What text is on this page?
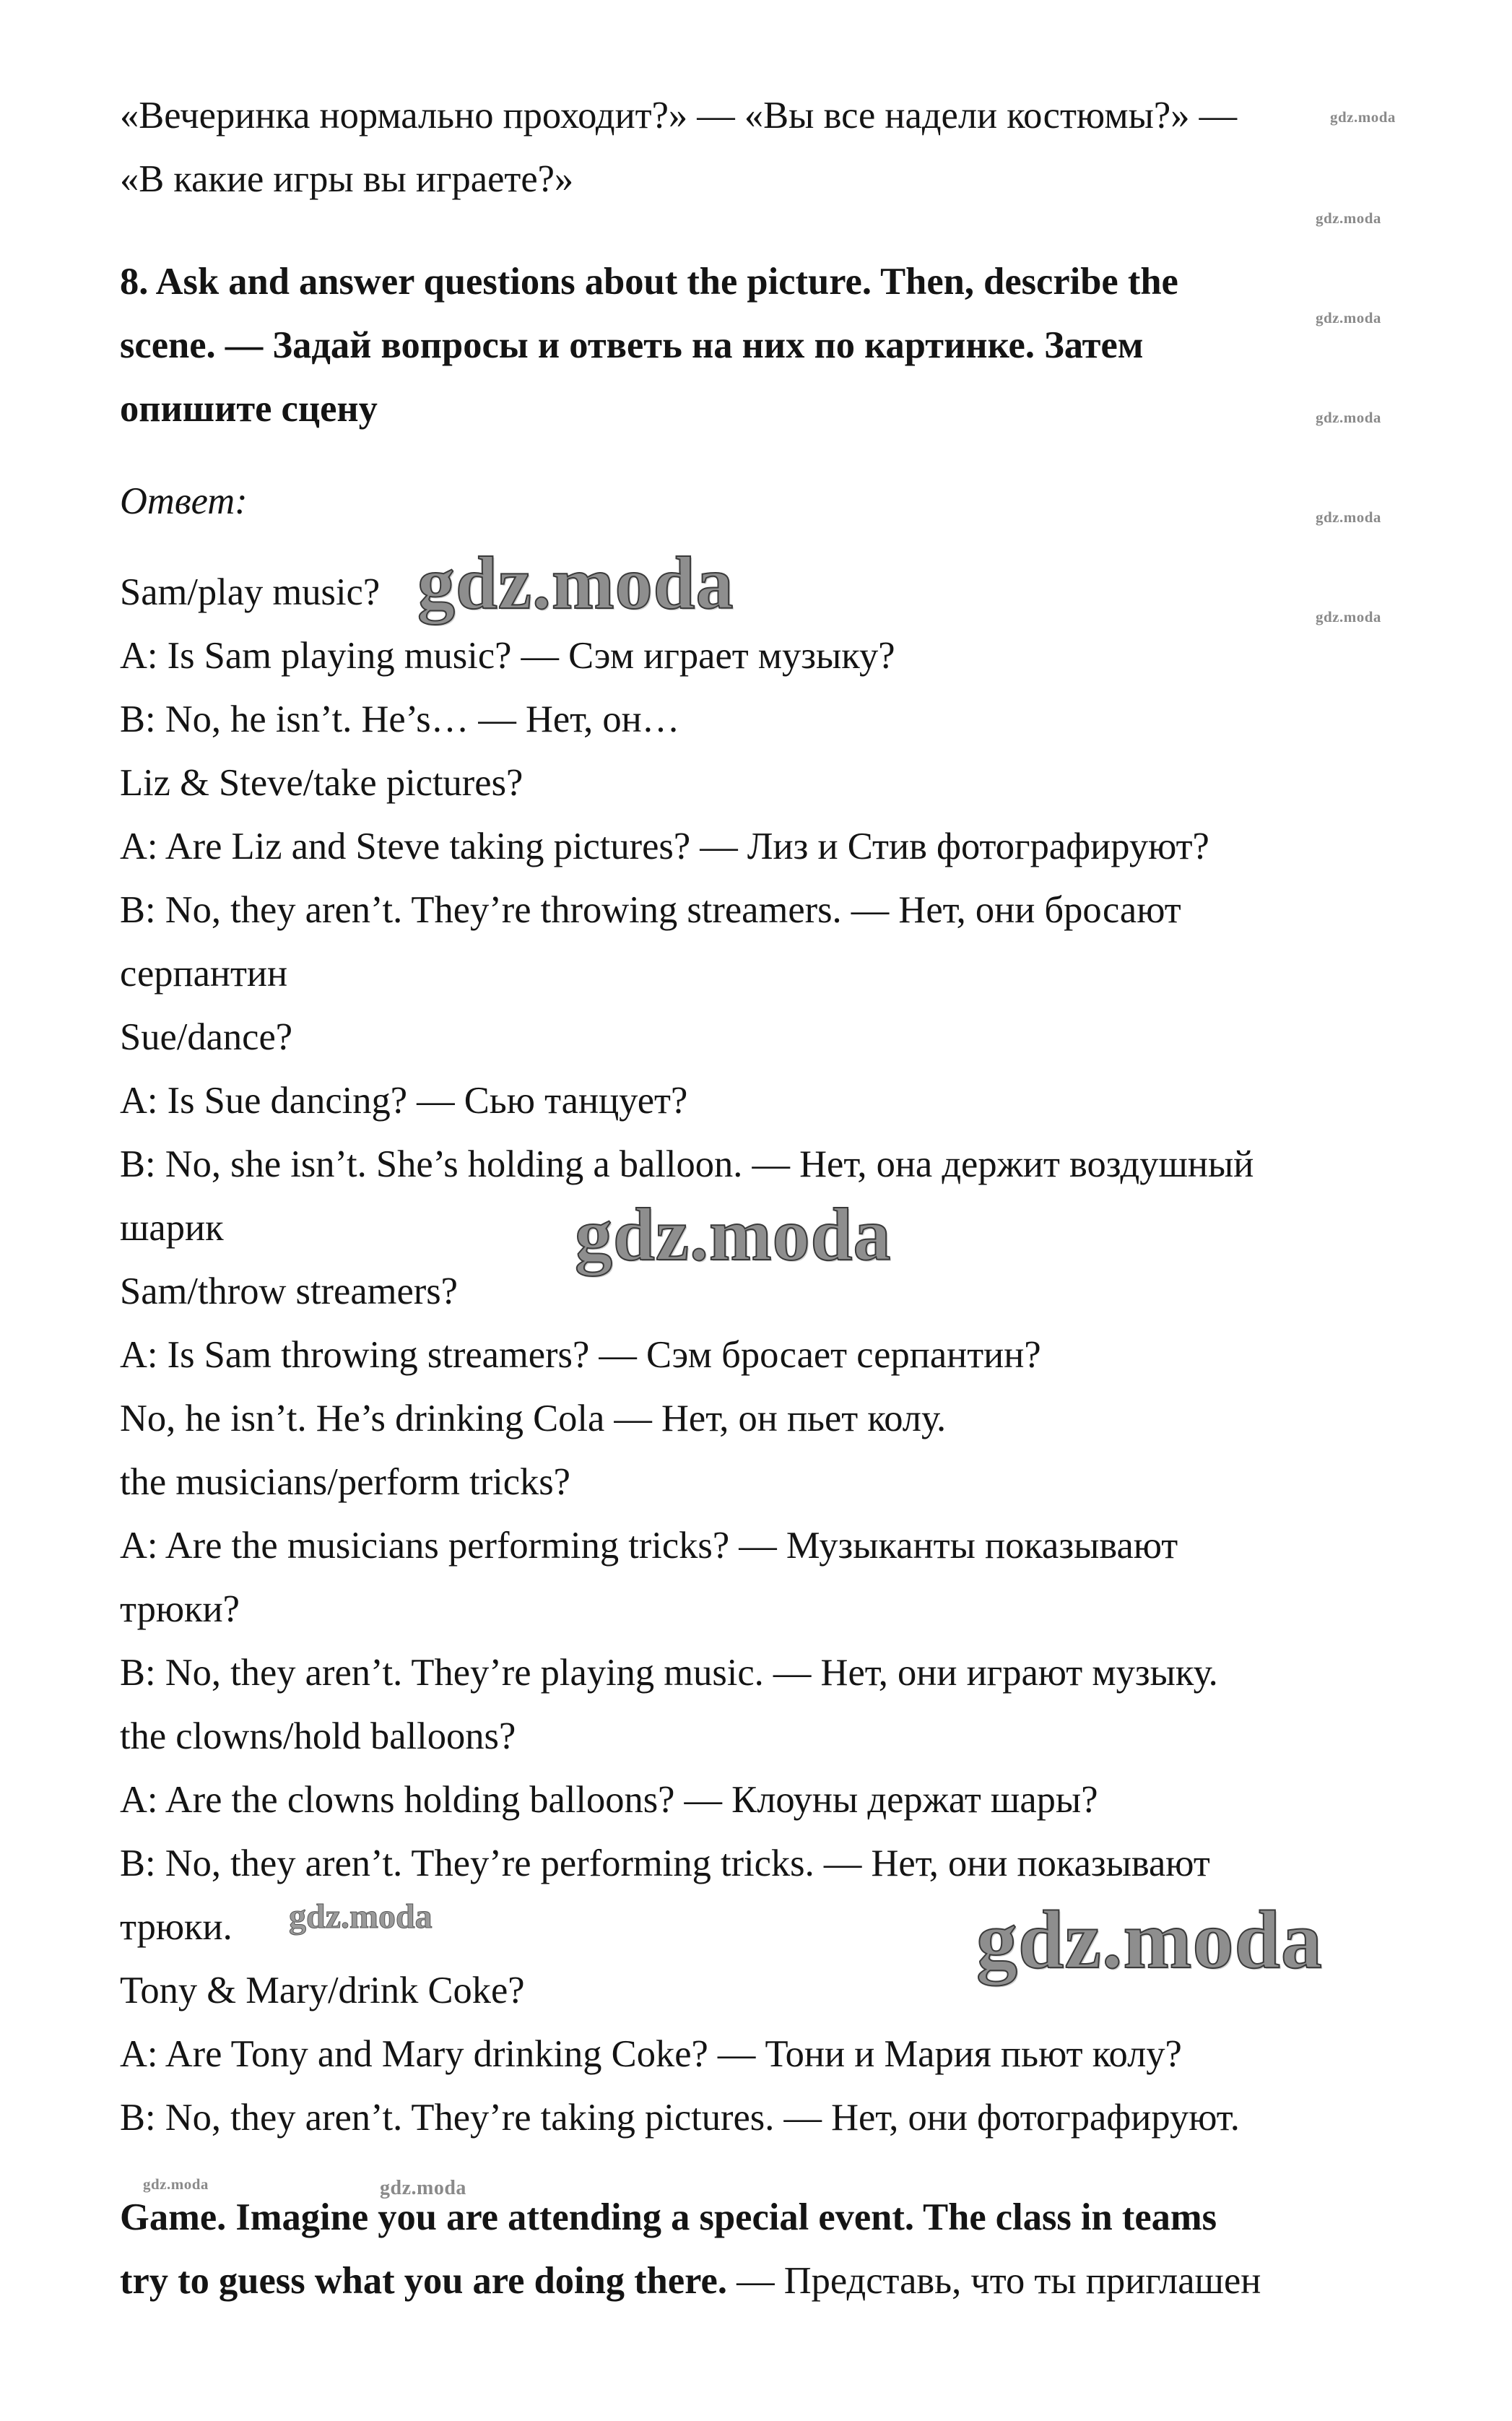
«Вечеринка нормально проходит?» — «Вы все надели костюмы?» —
«В какие игры вы играете?»
8. Ask and answer questions about the picture. Then, describe the
scene. — Задай вопросы и ответь на них по картинке. Затем
опишите сцену
Ответ:
Sam/play music?
A: Is Sam playing music? — Сэм играет музыку?
B: No, he isn’t. He’s… — Нет, он…
Liz & Steve/take pictures?
A: Are Liz and Steve taking pictures? — Лиз и Стив фотографируют?
B: No, they aren’t. They’re throwing streamers. — Нет, они бросают
серпантин
Sue/dance?
A: Is Sue dancing? — Сью танцует?
B: No, she isn’t. She’s holding a balloon. — Нет, она держит воздушный
шарик
Sam/throw streamers?
A: Is Sam throwing streamers? — Сэм бросает серпантин?
No, he isn’t. He’s drinking Cola — Нет, он пьет колу.
the musicians/perform tricks?
A: Are the musicians performing tricks? — Музыканты показывают
трюки?
B: No, they aren’t. They’re playing music. — Нет, они играют музыку.
the clowns/hold balloons?
A: Are the clowns holding balloons? — Клоуны держат шары?
B: No, they aren’t. They’re performing tricks. — Нет, они показывают
трюки.
Tony & Mary/drink Coke?
A: Are Tony and Mary drinking Coke? — Тони и Мария пьют колу?
B: No, they aren’t. They’re taking pictures. — Нет, они фотографируют.
Game. Imagine you are attending a special event. The class in teams
try to guess what you are doing there. — Представь, что ты приглашен
gdz.moda
gdz.moda
gdz.moda
gdz.moda
gdz.moda
gdz.moda
gdz.moda
gdz.moda
gdz.moda
gdz.moda
gdz.moda	gdz.moda
